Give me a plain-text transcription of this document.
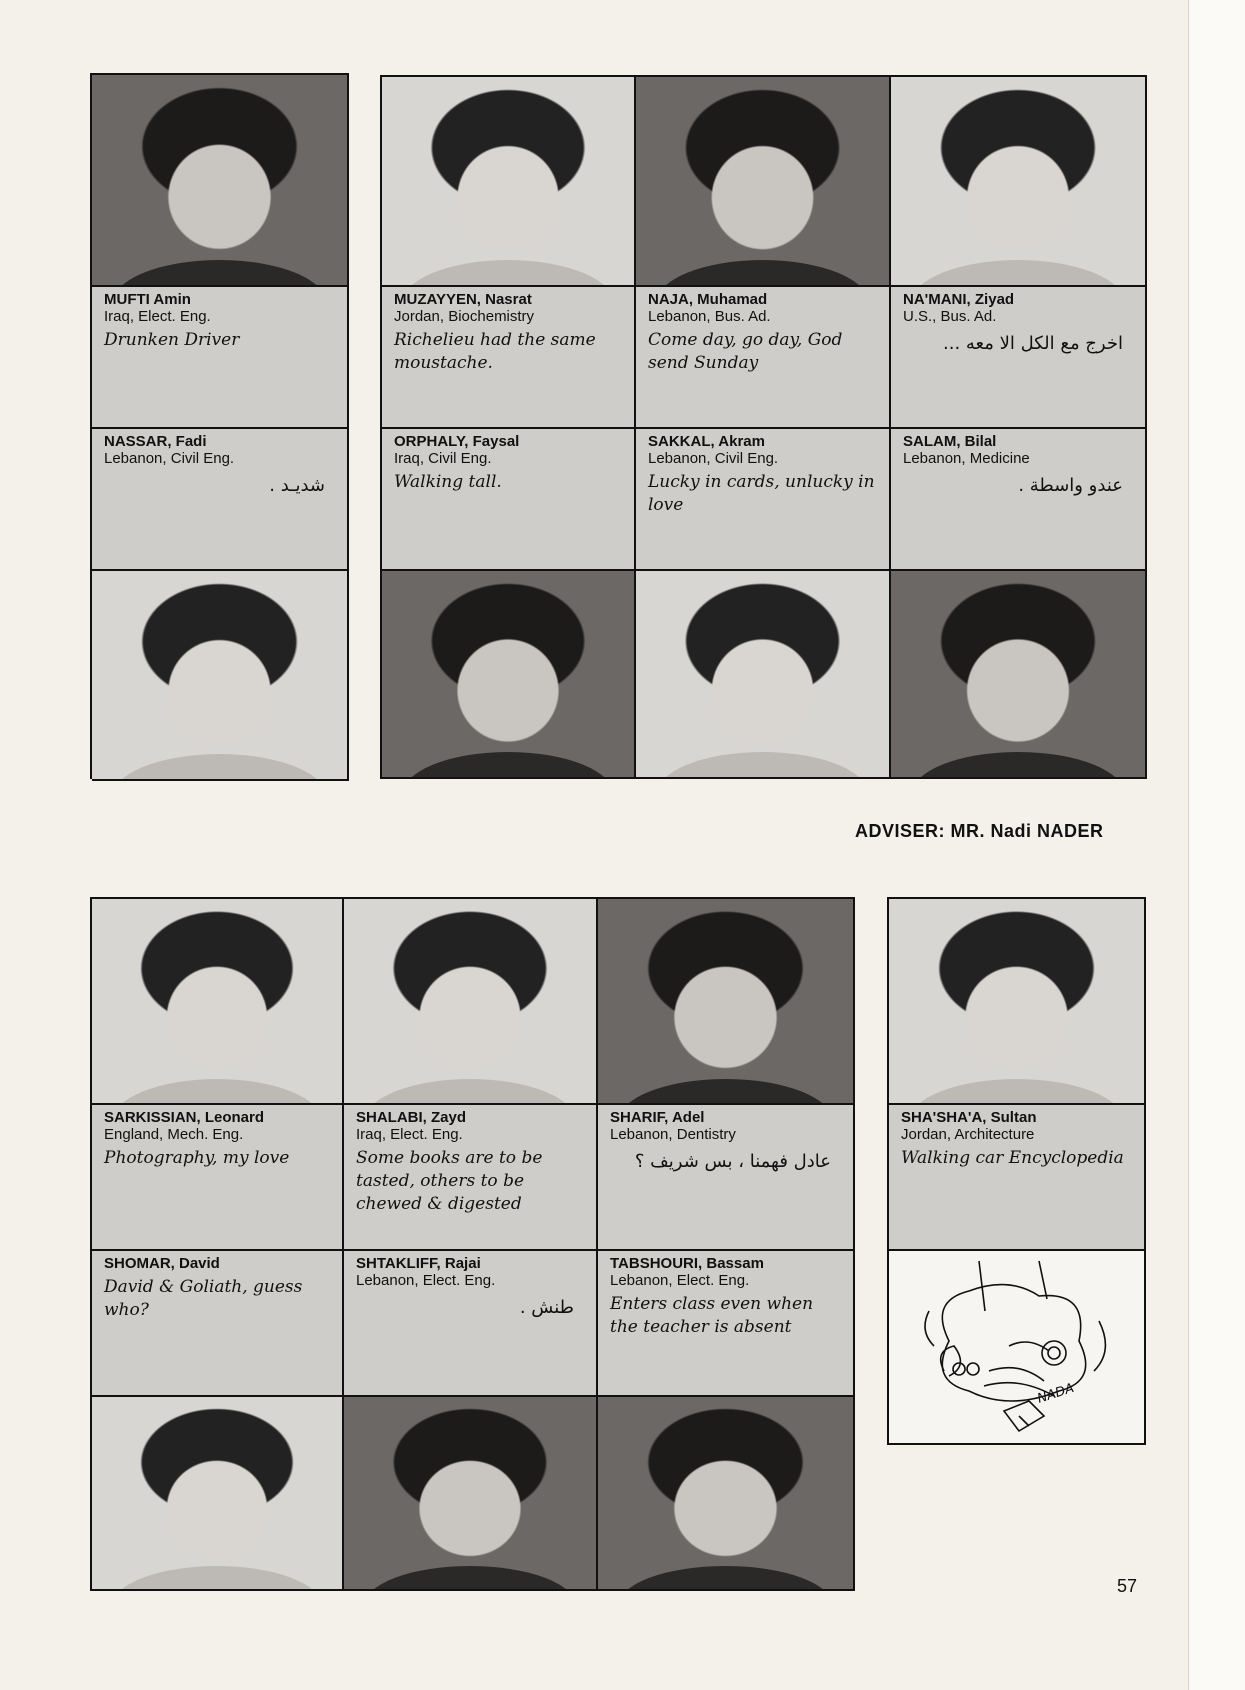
MUFTI Amin
Iraq, Elect. Eng.
Drunken Driver
NASSAR, Fadi
Lebanon, Civil Eng.
شديـد .
MUZAYYEN, Nasrat
Jordan, Biochemistry
Richelieu had the same moustache.
NAJA, Muhamad
Lebanon, Bus. Ad.
Come day, go day, God send Sunday
NA'MANI, Ziyad
U.S., Bus. Ad.
اخرج مع الكل الا معه ...
ORPHALY, Faysal
Iraq, Civil Eng.
Walking tall.
SAKKAL, Akram
Lebanon, Civil Eng.
Lucky in cards, unlucky in love
SALAM, Bilal
Lebanon, Medicine
عندو واسطة .
ADVISER: MR. Nadi NADER
SARKISSIAN, Leonard
England, Mech. Eng.
Photography, my love
SHALABI, Zayd
Iraq, Elect. Eng.
Some books are to be tasted, others to be chewed & digested
SHARIF, Adel
Lebanon, Dentistry
عادل فهمنا ، بس شريف ؟
SHOMAR, David
David & Goliath, guess who?
SHTAKLIFF, Rajai
Lebanon, Elect. Eng.
طنش .
TABSHOURI, Bassam
Lebanon, Elect. Eng.
Enters class even when the teacher is absent
SHA'SHA'A, Sultan
Jordan, Architecture
Walking car Encyclopedia
NADA
57
